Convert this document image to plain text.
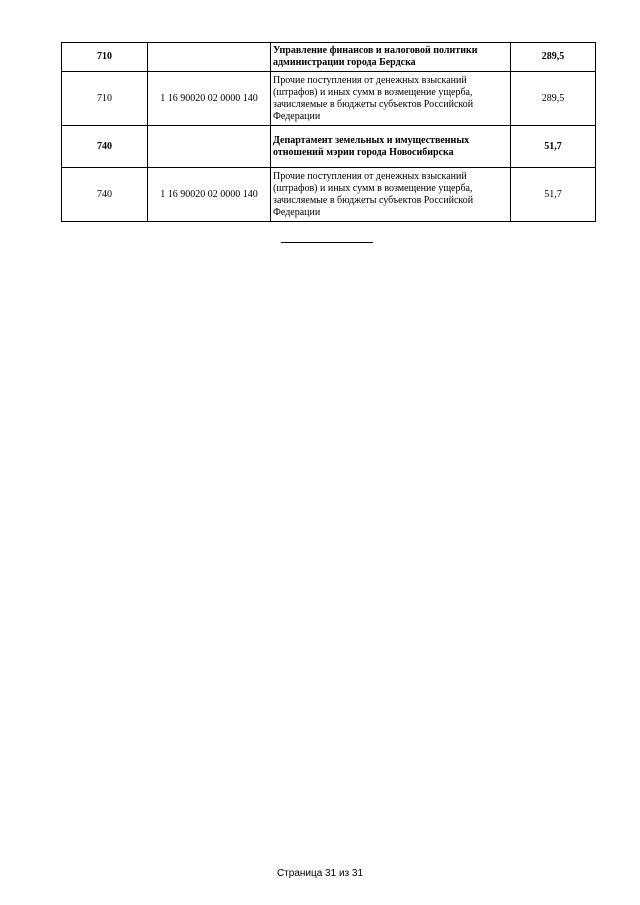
710		Управление финансов и налоговой политики администрации города Бердска	289,5
710	1 16 90020 02 0000 140	Прочие поступления от денежных взысканий (штрафов) и иных сумм в возмещение ущерба, зачисляемые в бюджеты субъектов Российской Федерации	289,5
740		Департамент земельных и имущественных отношений мэрии города Новосибирска	51,7
740	1 16 90020 02 0000 140	Прочие поступления от денежных взысканий (штрафов) и иных сумм в возмещение ущерба, зачисляемые в бюджеты субъектов Российской Федерации	51,7
Страница 31 из 31
